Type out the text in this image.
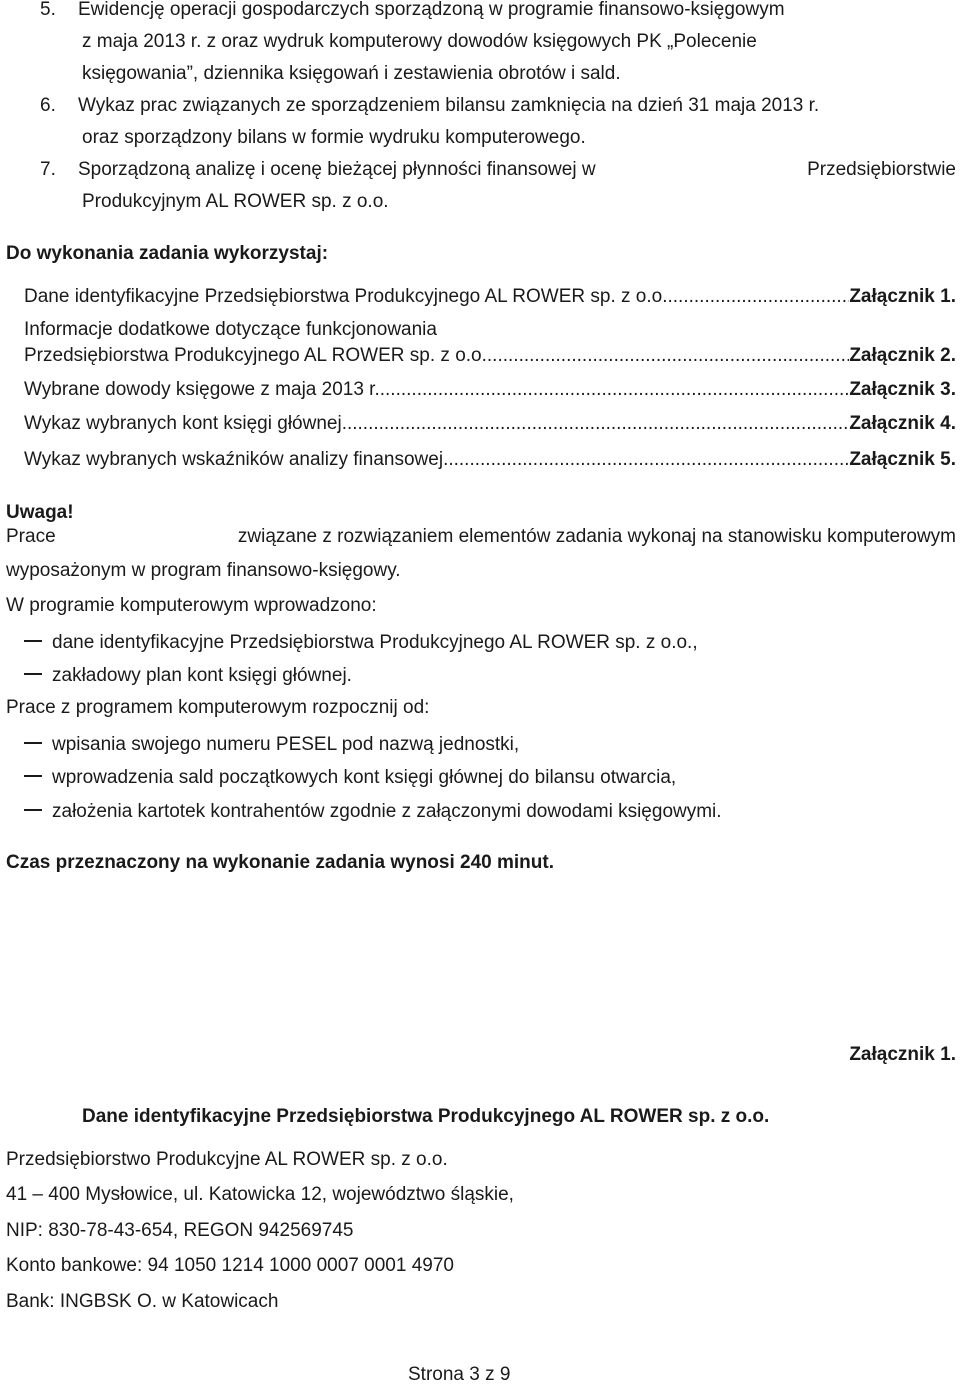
5. Ewidencję operacji gospodarczych sporządzoną w programie finansowo-księgowym
z maja 2013 r. z oraz wydruk komputerowy dowodów księgowych PK „Polecenie
księgowania”, dziennika księgowań i zestawienia obrotów i sald.
6. Wykaz prac związanych ze sporządzeniem bilansu zamknięcia na dzień 31 maja 2013 r.
oraz sporządzony bilans w formie wydruku komputerowego.
7.	Sporządzoną analizę i ocenę bieżącej płynności finansowej w	Przedsiębiorstwie
Produkcyjnym AL ROWER sp. z o.o.
Do wykonania zadania wykorzystaj:
Dane identyfikacyjne Przedsiębiorstwa Produkcyjnego AL ROWER sp. z o.o. .....	Załącznik 1.
Informacje dodatkowe dotyczące funkcjonowania
Przedsiębiorstwa Produkcyjnego AL ROWER sp. z o.o. .....	Załącznik 2.
Wybrane dowody księgowe z maja 2013 r. .....	Załącznik 3.
Wykaz wybranych kont księgi głównej .....	Załącznik 4.
Wykaz wybranych wskaźników analizy finansowej .....	Załącznik 5.
Uwaga!
Prace	związane z rozwiązaniem elementów zadania wykonaj na stanowisku komputerowym
wyposażonym w program finansowo-księgowy.
W programie komputerowym wprowadzono:
dane identyfikacyjne Przedsiębiorstwa Produkcyjnego AL ROWER sp. z o.o.,
zakładowy plan kont księgi głównej.
Prace z programem komputerowym rozpocznij od:
wpisania swojego numeru PESEL pod nazwą jednostki,
wprowadzenia sald początkowych kont księgi głównej do bilansu otwarcia,
założenia kartotek kontrahentów zgodnie z załączonymi dowodami księgowymi.
Czas przeznaczony na wykonanie zadania wynosi 240 minut.
Załącznik 1.
Dane identyfikacyjne Przedsiębiorstwa Produkcyjnego AL ROWER sp. z o.o.
Przedsiębiorstwo Produkcyjne AL ROWER sp. z o.o.
41 – 400 Mysłowice, ul. Katowicka 12, województwo śląskie,
NIP: 830-78-43-654, REGON 942569745
Konto bankowe: 94 1050 1214 1000 0007 0001 4970
Bank: INGBSK O. w Katowicach
Strona 3 z 9
